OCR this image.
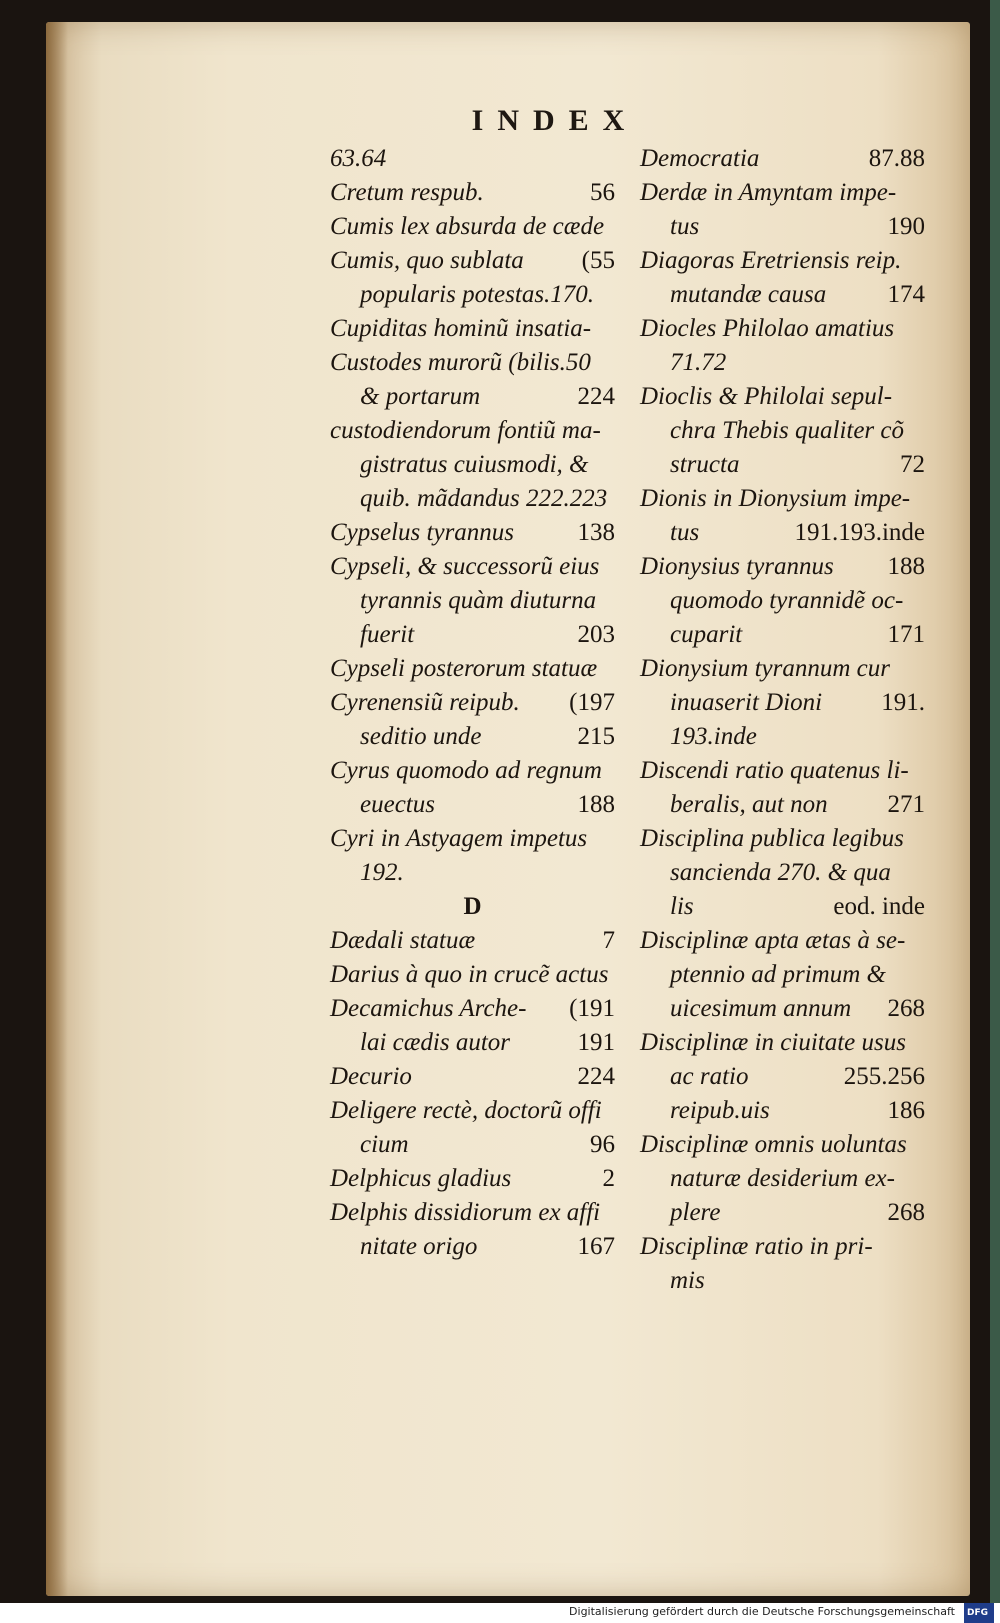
INDEX
63.64
Cretum respub.	56
Cumis lex absurda de cæde
Cumis, quo sublata	(55
popularis potestas.170.
Cupiditas hominũ insatia-
Custodes murorũ (bilis.50
& portarum	224
custodiendorum fontiũ ma-
gistratus cuiusmodi, &
quib. mãdandus 222.223
Cypselus tyrannus	138
Cypseli, & successorũ eius
tyrannis quàm diuturna
fuerit	203
Cypseli posterorum statuæ
Cyrenensiũ reipub.	(197
seditio unde	215
Cyrus quomodo ad regnum
euectus	188
Cyri in Astyagem impetus
192.
D
Dædali statuæ	7
Darius à quo in crucẽ actus
Decamichus Arche-	(191
lai cædis autor	191
Decurio	224
Deligere rectè, doctorũ offi
cium	96
Delphicus gladius	2
Delphis dissidiorum ex affi
nitate origo	167
Democratia	87.88
Derdæ in Amyntam impe-
tus	190
Diagoras Eretriensis reip.
mutandæ causa	174
Diocles Philolao amatius
71.72
Dioclis & Philolai sepul-
chra Thebis qualiter cõ
structa	72
Dionis in Dionysium impe-
tus	191.193.inde
Dionysius tyrannus	188
quomodo tyrannidẽ oc-
cuparit	171
Dionysium tyrannum cur
inuaserit Dioni	191.
193.inde
Discendi ratio quatenus li-
beralis, aut non	271
Disciplina publica legibus
sancienda 270. & qua
lis	eod. inde
Disciplinæ apta ætas à se-
ptennio ad primum &
uicesimum annum	268
Disciplinæ in ciuitate usus
ac ratio	255.256
reipub.uis	186
Disciplinæ omnis uoluntas
naturæ desiderium ex-
plere	268
Disciplinæ ratio in pri-
mis
Digitalisierung gefördert durch die Deutsche Forschungsgemeinschaft DFG
